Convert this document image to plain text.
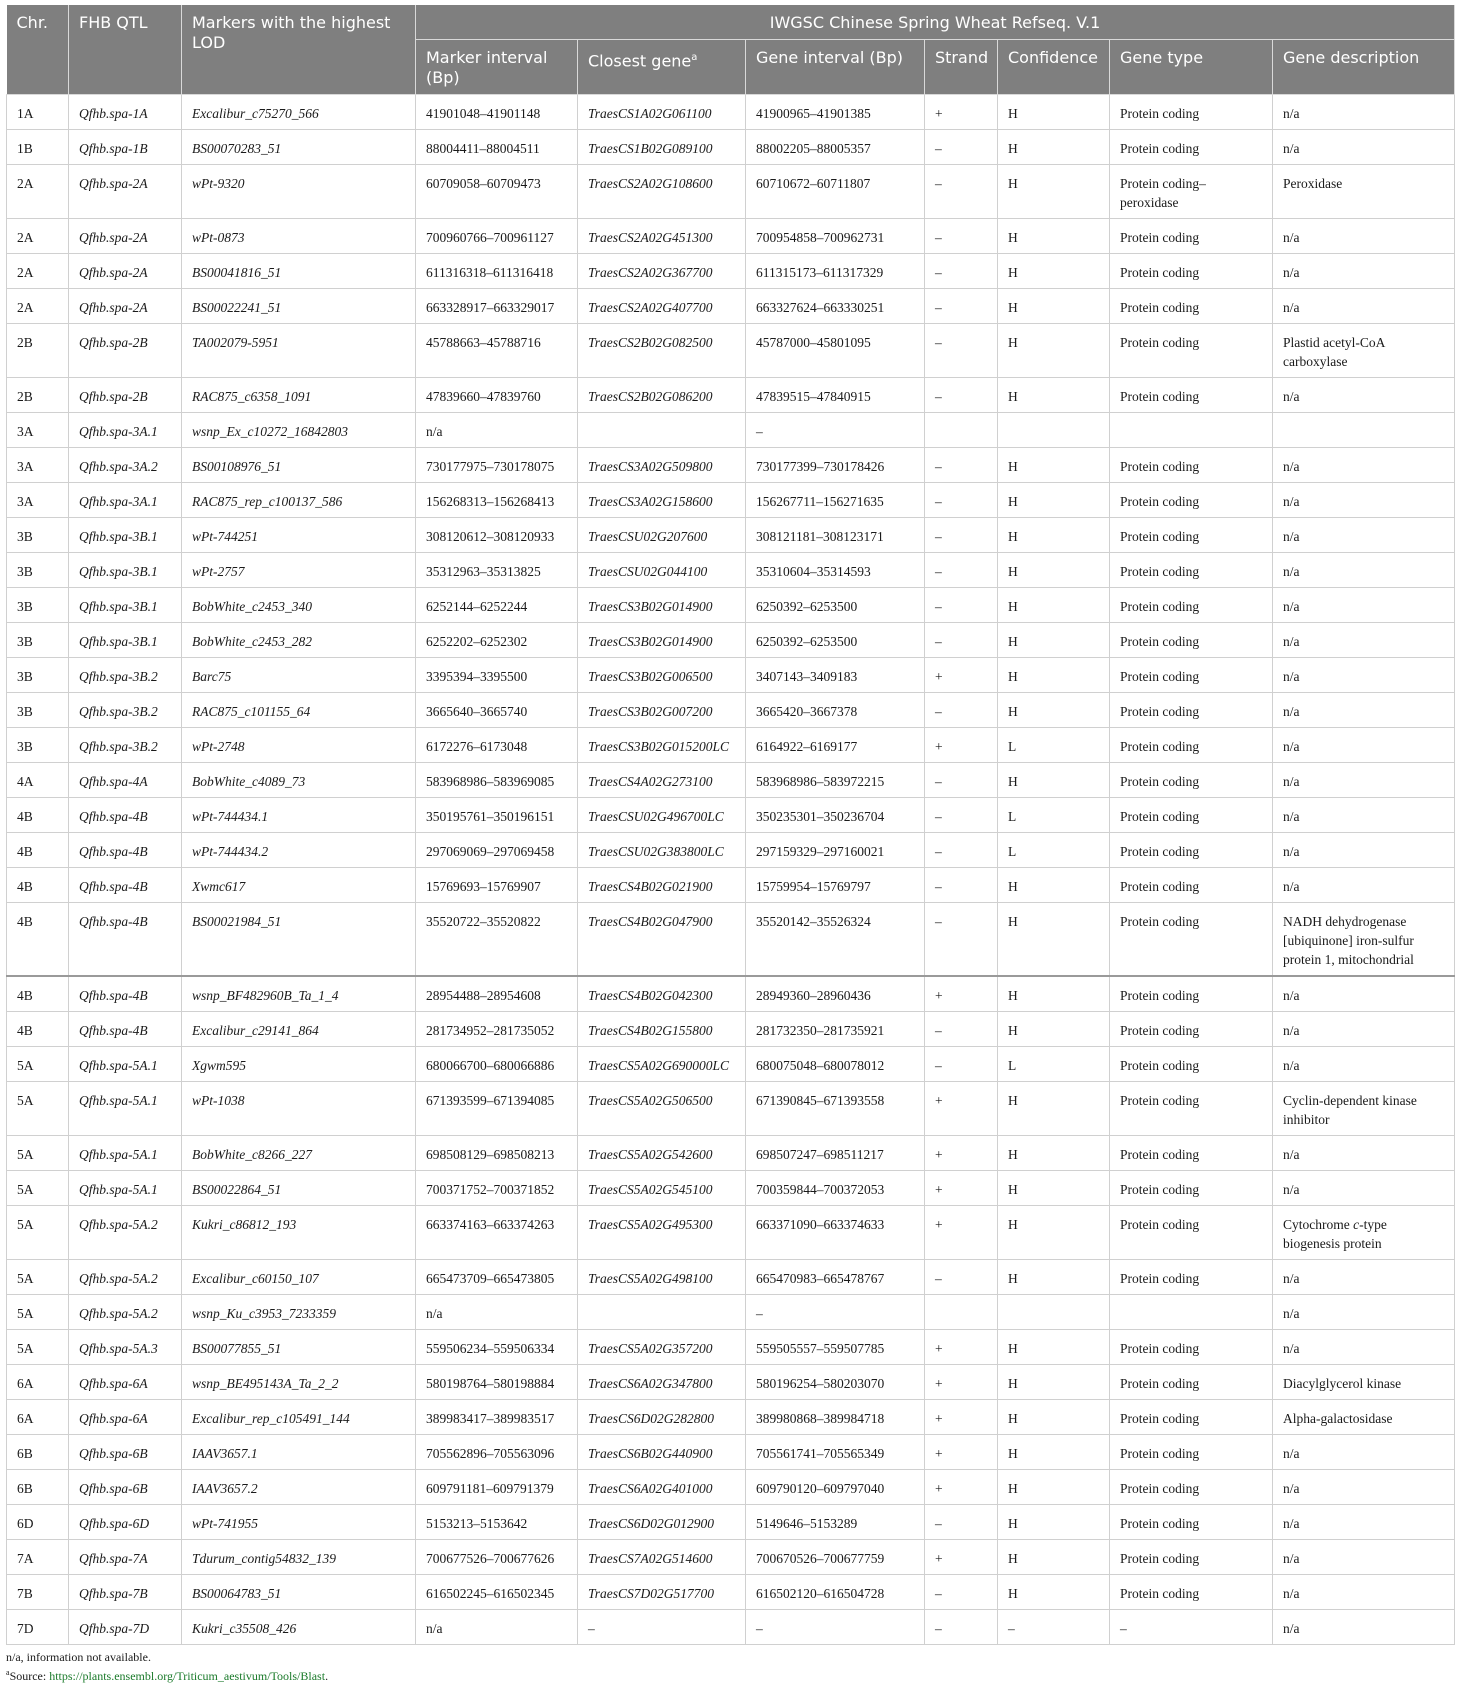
Chr.	FHB QTL	Markers with the highest LOD	IWGSC Chinese Spring Wheat Refseq. V.1						
			Marker interval (Bp)	Closest gene$^a$	Gene interval (Bp)	Strand	Confidence	Gene type	Gene description
1A	Qfhb.spa-1A	Excalibur_c75270_566	41901048–41901148	TraesCS1A02G061100	41900965–41901385	+	H	Protein coding	n/a
1B	Qfhb.spa-1B	BS00070283_51	88004411–88004511	TraesCS1B02G089100	88002205–88005357	–	H	Protein coding	n/a
2A	Qfhb.spa-2A	wPt-9320	60709058–60709473	TraesCS2A02G108600	60710672–60711807	–	H	Protein coding–peroxidase	Peroxidase
2A	Qfhb.spa-2A	wPt-0873	700960766–700961127	TraesCS2A02G451300	700954858–700962731	–	H	Protein coding	n/a
2A	Qfhb.spa-2A	BS00041816_51	611316318–611316418	TraesCS2A02G367700	611315173–611317329	–	H	Protein coding	n/a
2A	Qfhb.spa-2A	BS00022241_51	663328917–663329017	TraesCS2A02G407700	663327624–663330251	–	H	Protein coding	n/a
2B	Qfhb.spa-2B	TA002079-5951	45788663–45788716	TraesCS2B02G082500	45787000–45801095	–	H	Protein coding	Plastid acetyl-CoA carboxylase
2B	Qfhb.spa-2B	RAC875_c6358_1091	47839660–47839760	TraesCS2B02G086200	47839515–47840915	–	H	Protein coding	n/a
3A	Qfhb.spa-3A.1	wsnp_Ex_c10272_16842803	n/a		–				
3A	Qfhb.spa-3A.2	BS00108976_51	730177975–730178075	TraesCS3A02G509800	730177399–730178426	–	H	Protein coding	n/a
3A	Qfhb.spa-3A.1	RAC875_rep_c100137_586	156268313–156268413	TraesCS3A02G158600	156267711–156271635	–	H	Protein coding	n/a
3B	Qfhb.spa-3B.1	wPt-744251	308120612–308120933	TraesCSU02G207600	308121181–308123171	–	H	Protein coding	n/a
3B	Qfhb.spa-3B.1	wPt-2757	35312963–35313825	TraesCSU02G044100	35310604–35314593	–	H	Protein coding	n/a
3B	Qfhb.spa-3B.1	BobWhite_c2453_340	6252144–6252244	TraesCS3B02G014900	6250392–6253500	–	H	Protein coding	n/a
3B	Qfhb.spa-3B.1	BobWhite_c2453_282	6252202–6252302	TraesCS3B02G014900	6250392–6253500	–	H	Protein coding	n/a
3B	Qfhb.spa-3B.2	Barc75	3395394–3395500	TraesCS3B02G006500	3407143–3409183	+	H	Protein coding	n/a
3B	Qfhb.spa-3B.2	RAC875_c101155_64	3665640–3665740	TraesCS3B02G007200	3665420–3667378	–	H	Protein coding	n/a
3B	Qfhb.spa-3B.2	wPt-2748	6172276–6173048	TraesCS3B02G015200LC	6164922–6169177	+	L	Protein coding	n/a
4A	Qfhb.spa-4A	BobWhite_c4089_73	583968986–583969085	TraesCS4A02G273100	583968986–583972215	–	H	Protein coding	n/a
4B	Qfhb.spa-4B	wPt-744434.1	350195761–350196151	TraesCSU02G496700LC	350235301–350236704	–	L	Protein coding	n/a
4B	Qfhb.spa-4B	wPt-744434.2	297069069–297069458	TraesCSU02G383800LC	297159329–297160021	–	L	Protein coding	n/a
4B	Qfhb.spa-4B	Xwmc617	15769693–15769907	TraesCS4B02G021900	15759954–15769797	–	H	Protein coding	n/a
4B	Qfhb.spa-4B	BS00021984_51	35520722–35520822	TraesCS4B02G047900	35520142–35526324	–	H	Protein coding	NADH dehydrogenase [ubiquinone] iron-sulfur protein 1, mitochondrial
4B	Qfhb.spa-4B	wsnp_BF482960B_Ta_1_4	28954488–28954608	TraesCS4B02G042300	28949360–28960436	+	H	Protein coding	n/a
4B	Qfhb.spa-4B	Excalibur_c29141_864	281734952–281735052	TraesCS4B02G155800	281732350–281735921	–	H	Protein coding	n/a
5A	Qfhb.spa-5A.1	Xgwm595	680066700–680066886	TraesCS5A02G690000LC	680075048–680078012	–	L	Protein coding	n/a
5A	Qfhb.spa-5A.1	wPt-1038	671393599–671394085	TraesCS5A02G506500	671390845–671393558	+	H	Protein coding	Cyclin-dependent kinase inhibitor
5A	Qfhb.spa-5A.1	BobWhite_c8266_227	698508129–698508213	TraesCS5A02G542600	698507247–698511217	+	H	Protein coding	n/a
5A	Qfhb.spa-5A.1	BS00022864_51	700371752–700371852	TraesCS5A02G545100	700359844–700372053	+	H	Protein coding	n/a
5A	Qfhb.spa-5A.2	Kukri_c86812_193	663374163–663374263	TraesCS5A02G495300	663371090–663374633	+	H	Protein coding	Cytochrome c-type biogenesis protein
5A	Qfhb.spa-5A.2	Excalibur_c60150_107	665473709–665473805	TraesCS5A02G498100	665470983–665478767	–	H	Protein coding	n/a
5A	Qfhb.spa-5A.2	wsnp_Ku_c3953_7233359	n/a		–				n/a
5A	Qfhb.spa-5A.3	BS00077855_51	559506234–559506334	TraesCS5A02G357200	559505557–559507785	+	H	Protein coding	n/a
6A	Qfhb.spa-6A	wsnp_BE495143A_Ta_2_2	580198764–580198884	TraesCS6A02G347800	580196254–580203070	+	H	Protein coding	Diacylglycerol kinase
6A	Qfhb.spa-6A	Excalibur_rep_c105491_144	389983417–389983517	TraesCS6D02G282800	389980868–389984718	+	H	Protein coding	Alpha-galactosidase
6B	Qfhb.spa-6B	IAAV3657.1	705562896–705563096	TraesCS6B02G440900	705561741–705565349	+	H	Protein coding	n/a
6B	Qfhb.spa-6B	IAAV3657.2	609791181–609791379	TraesCS6A02G401000	609790120–609797040	+	H	Protein coding	n/a
6D	Qfhb.spa-6D	wPt-741955	5153213–5153642	TraesCS6D02G012900	5149646–5153289	–	H	Protein coding	n/a
7A	Qfhb.spa-7A	Tdurum_contig54832_139	700677526–700677626	TraesCS7A02G514600	700670526–700677759	+	H	Protein coding	n/a
7B	Qfhb.spa-7B	BS00064783_51	616502245–616502345	TraesCS7D02G517700	616502120–616504728	–	H	Protein coding	n/a
7D	Qfhb.spa-7D	Kukri_c35508_426	n/a	–	–	–	–	–	n/a
n/a, information not available.
$^a$Source: https://plants.ensembl.org/Triticum_aestivum/Tools/Blast.
